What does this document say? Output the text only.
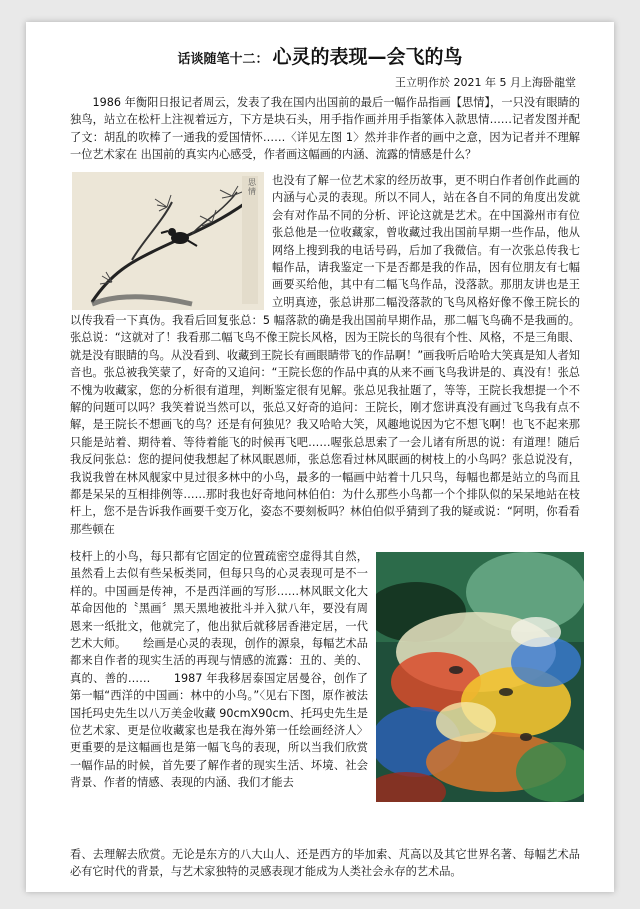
话谈随笔十二： 心灵的表现—会飞的鸟
王立明作於 2021 年 5 月上海卧龍堂
　　1986 年衡阳日报记者周云，发表了我在国内出国前的最后一幅作品指画【思情】，一只没有眼睛的独鸟，站立在松杆上注视着远方，下方是块石头，用手指作画并用手指篆体入款思情……记者发图并配了文：胡乱的吹棒了一通我的爱国情怀……〈详见左图 1〉然并非作者的画中之意，因为记者并不理解一位艺术家在 出国前的真实内心感受，作者画这幅画的内涵、流露的情感是什么？
思情
也没有了解一位艺术家的经历故事，更不明白作者创作此画的内涵与心灵的表现。所以不同人，站在各自不同的角度出发就会有对作品不同的分析、评论这就是艺术。在中国滁州市有位张总他是一位收藏家，曾收藏过我出国前早期一些作品，他从网络上搜到我的电话号码，后加了我微信。有一次张总传我七幅作品，请我鉴定一下是否都是我的作品，因有位朋友有七幅画要买给他，其中有二幅飞鸟作品，没落款。那朋友讲也是王立明真迹，张总讲那二幅没落款的飞鸟风格好像不像王院长的
以传我看一下真伪。我看后回复张总：5 幅落款的确是我出国前早期作品，那二幅飞鸟确不是我画的。张总说：“这就对了！我看那二幅飞鸟不像王院长风格，因为王院长的鸟很有个性、风格，不是三角眼、就是没有眼睛的鸟。从没看到、收藏到王院长有画眼睛带飞的作品啊！”画我听后哈哈大笑真是知人者知音也。张总被我笑蒙了，好奇的又追问：“王院长您的作品中真的从来不画飞鸟我讲是的、真没有！张总不愧为收藏家，您的分析很有道理，判断鉴定很有见解。张总见我扯题了，等等，王院长我想提一个不解的问题可以吗？我笑着说当然可以，张总又好奇的追问：王院长，刚才您讲真没有画过飞鸟我有点不解，是王院长不想画飞的鸟？还是有何独见？我又哈哈大笑，风趣地说因为它不想飞啊！也飞不起来那只能是站着、期待着、等待着能飞的时候再飞吧……喔张总思索了一会儿诸有所思的说：有道理！随后我反问张总：您的提问使我想起了林风眠恩师，张总您看过林风眠画的树枝上的小鸟吗？张总说没有，我说我曾在林风舰家中見过很多林中的小鸟，最多的一幅画中站着十几只鸟，每幅也都是站立的鸟而且都是呆呆的互相排例等……那时我也好奇地问林伯伯：为什么那些小鸟都一个个排队似的呆呆地站在枝杆上，您不是告诉我作画要千变万化，姿态不要刻板吗？林伯伯似乎猜到了我的疑或说：“阿明，你看看那些顿在
枝杆上的小鸟，每只都有它固定的位置疏密空虚得其自然，虽然看上去似有些呆板类同，但每只鸟的心灵表现可是不一样的。中国画是传神，不是西洋画的写形……林风眠文化大革命因他的〝黑画〞黑天黑地被批斗并入狱八年，要没有周恩来一纸批文，他就完了，他出狱后就移居香港定居，一代艺术大师。　　绘画是心灵的表现，创作的源泉，每幅艺术品都来自作者的现实生活的再现与情感的流露：丑的、美的、真的、善的……　　1987 年我移居泰国定居曼谷，创作了第一幅“西洋的中国画：林中的小鸟。”〈见右下图，原作被法国托玛史先生以八万美金收藏 90cmX90cm、托玛史先生是位艺术家、更是位收藏家也是我在海外第一任绘画经济人〉更重要的是这幅画也是第一幅飞鸟的表现，所以当我们欣赏一幅作品的时候，首先要了解作者的现实生活、坏境、社会背景、作者的情感、表现的内涵、我们才能去
看、去理解去欣赏。无论是东方的八大山人、还是西方的毕加索、芃高以及其它世界名著、每幅艺术品必有它时代的背景，与艺术家独特的灵感表现才能成为人类社会永存的艺术品。
